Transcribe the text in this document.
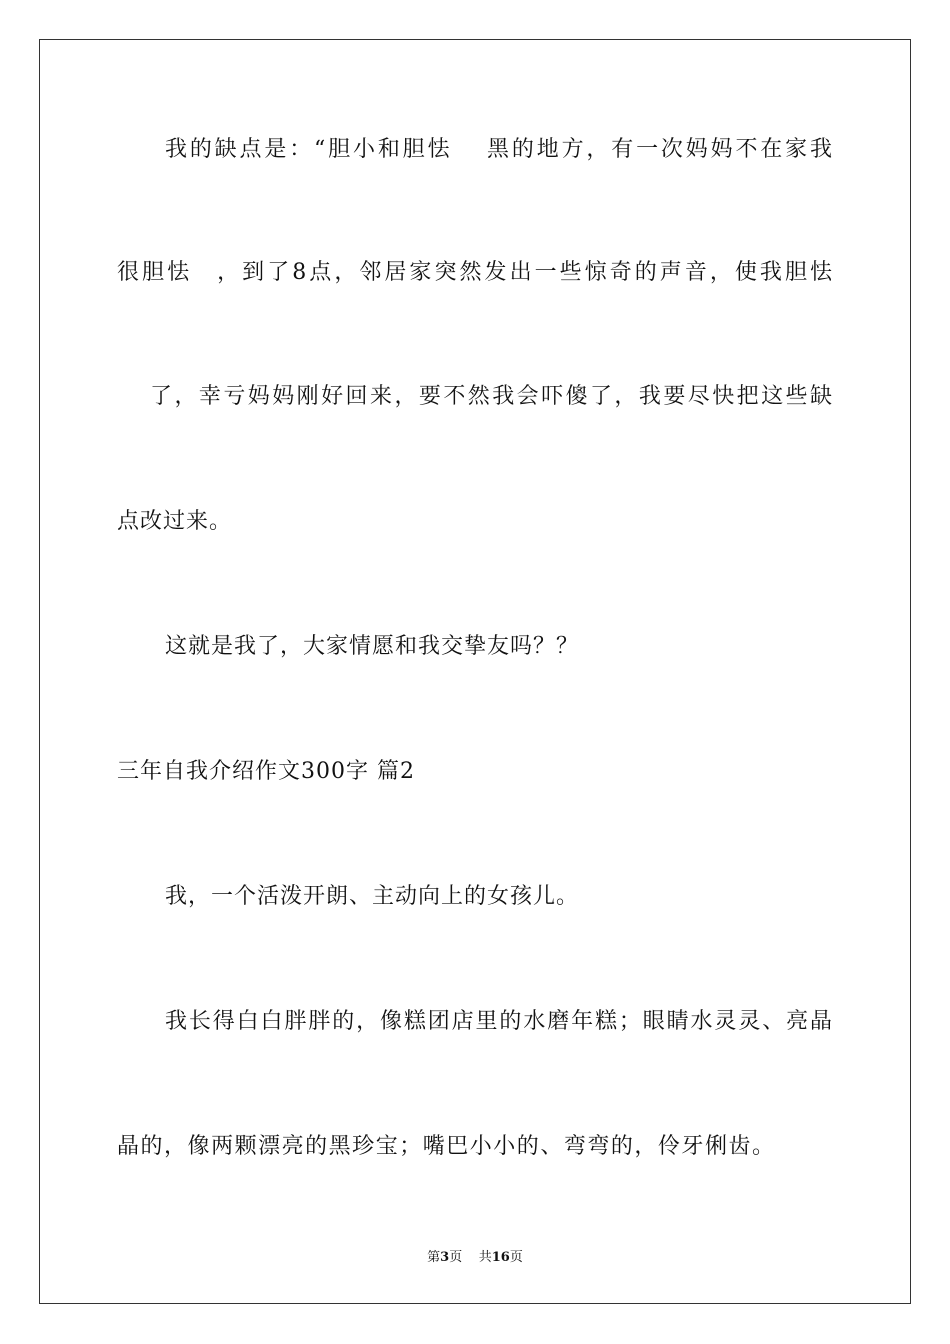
我的缺点是：“胆小和胆怯　 黑的地方，有一次妈妈不在家我
很胆怯　，到了8点，邻居家突然发出一些惊奇的声音，使我胆怯
了，幸亏妈妈刚好回来，要不然我会吓傻了，我要尽快把这些缺
点改过来。
这就是我了，大家情愿和我交挚友吗？？
三年自我介绍作文300字 篇2
我，一个活泼开朗、主动向上的女孩儿。
我长得白白胖胖的，像糕团店里的水磨年糕；眼睛水灵灵、亮晶
晶的，像两颗漂亮的黑珍宝；嘴巴小小的、弯弯的，伶牙俐齿。
第3页 共16页
